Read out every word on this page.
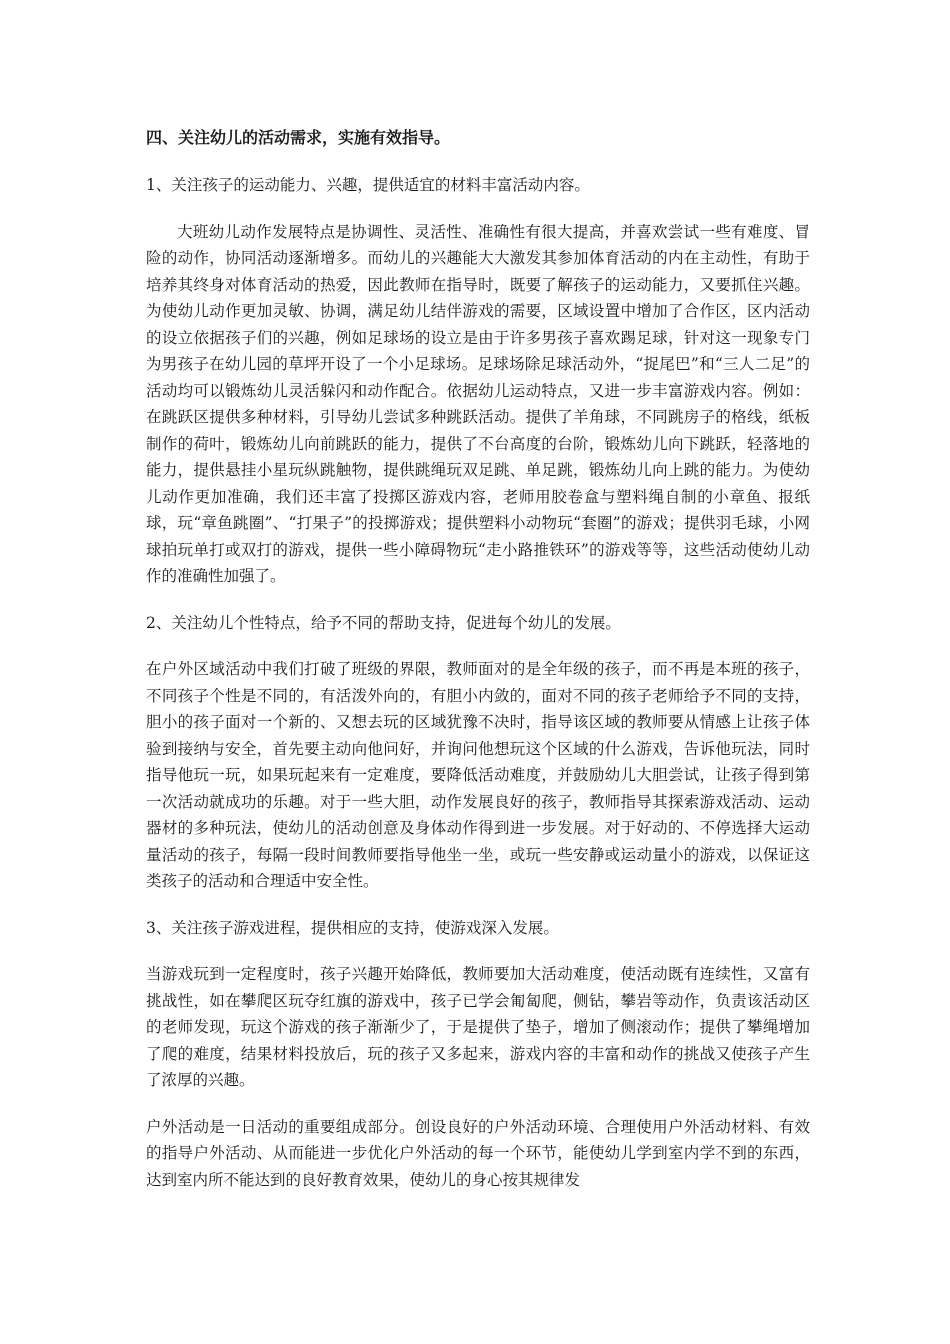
四、关注幼儿的活动需求，实施有效指导。

1、关注孩子的运动能力、兴趣，提供适宜的材料丰富活动内容。

大班幼儿动作发展特点是协调性、灵活性、准确性有很大提高，并喜欢尝试一些有难度、冒险的动作，协同活动逐渐增多。而幼儿的兴趣能大大激发其参加体育活动的内在主动性，有助于培养其终身对体育活动的热爱，因此教师在指导时，既要了解孩子的运动能力，又要抓住兴趣。为使幼儿动作更加灵敏、协调，满足幼儿结伴游戏的需要，区域设置中增加了合作区，区内活动的设立依据孩子们的兴趣，例如足球场的设立是由于许多男孩子喜欢踢足球，针对这一现象专门为男孩子在幼儿园的草坪开设了一个小足球场。足球场除足球活动外，“捉尾巴”和“三人二足”的活动均可以锻炼幼儿灵活躲闪和动作配合。依据幼儿运动特点，又进一步丰富游戏内容。例如：在跳跃区提供多种材料，引导幼儿尝试多种跳跃活动。提供了羊角球，不同跳房子的格线，纸板制作的荷叶，锻炼幼儿向前跳跃的能力，提供了不台高度的台阶，锻炼幼儿向下跳跃，轻落地的能力，提供悬挂小星玩纵跳触物，提供跳绳玩双足跳、单足跳，锻炼幼儿向上跳的能力。为使幼儿动作更加准确，我们还丰富了投掷区游戏内容，老师用胶卷盒与塑料绳自制的小章鱼、报纸球，玩“章鱼跳圈”、“打果子”的投掷游戏；提供塑料小动物玩“套圈”的游戏；提供羽毛球，小网球拍玩单打或双打的游戏，提供一些小障碍物玩“走小路推铁环”的游戏等等，这些活动使幼儿动作的准确性加强了。

2、关注幼儿个性特点，给予不同的帮助支持，促进每个幼儿的发展。

在户外区域活动中我们打破了班级的界限，教师面对的是全年级的孩子，而不再是本班的孩子，不同孩子个性是不同的，有活泼外向的，有胆小内敛的，面对不同的孩子老师给予不同的支持，胆小的孩子面对一个新的、又想去玩的区域犹豫不决时，指导该区域的教师要从情感上让孩子体验到接纳与安全，首先要主动向他问好，并询问他想玩这个区域的什么游戏，告诉他玩法，同时指导他玩一玩，如果玩起来有一定难度，要降低活动难度，并鼓励幼儿大胆尝试，让孩子得到第一次活动就成功的乐趣。对于一些大胆，动作发展良好的孩子，教师指导其探索游戏活动、运动器材的多种玩法，使幼儿的活动创意及身体动作得到进一步发展。对于好动的、不停选择大运动量活动的孩子，每隔一段时间教师要指导他坐一坐，或玩一些安静或运动量小的游戏，以保证这类孩子的活动和合理适中安全性。

3、关注孩子游戏进程，提供相应的支持，使游戏深入发展。

当游戏玩到一定程度时，孩子兴趣开始降低，教师要加大活动难度，使活动既有连续性，又富有挑战性，如在攀爬区玩夺红旗的游戏中，孩子已学会匍匐爬，侧钻，攀岩等动作，负责该活动区的老师发现，玩这个游戏的孩子渐渐少了，于是提供了垫子，增加了侧滚动作；提供了攀绳增加了爬的难度，结果材料投放后，玩的孩子又多起来，游戏内容的丰富和动作的挑战又使孩子产生了浓厚的兴趣。

户外活动是一日活动的重要组成部分。创设良好的户外活动环境、合理使用户外活动材料、有效的指导户外活动、从而能进一步优化户外活动的每一个环节，能使幼儿学到室内学不到的东西，达到室内所不能达到的良好教育效果，使幼儿的身心按其规律发
